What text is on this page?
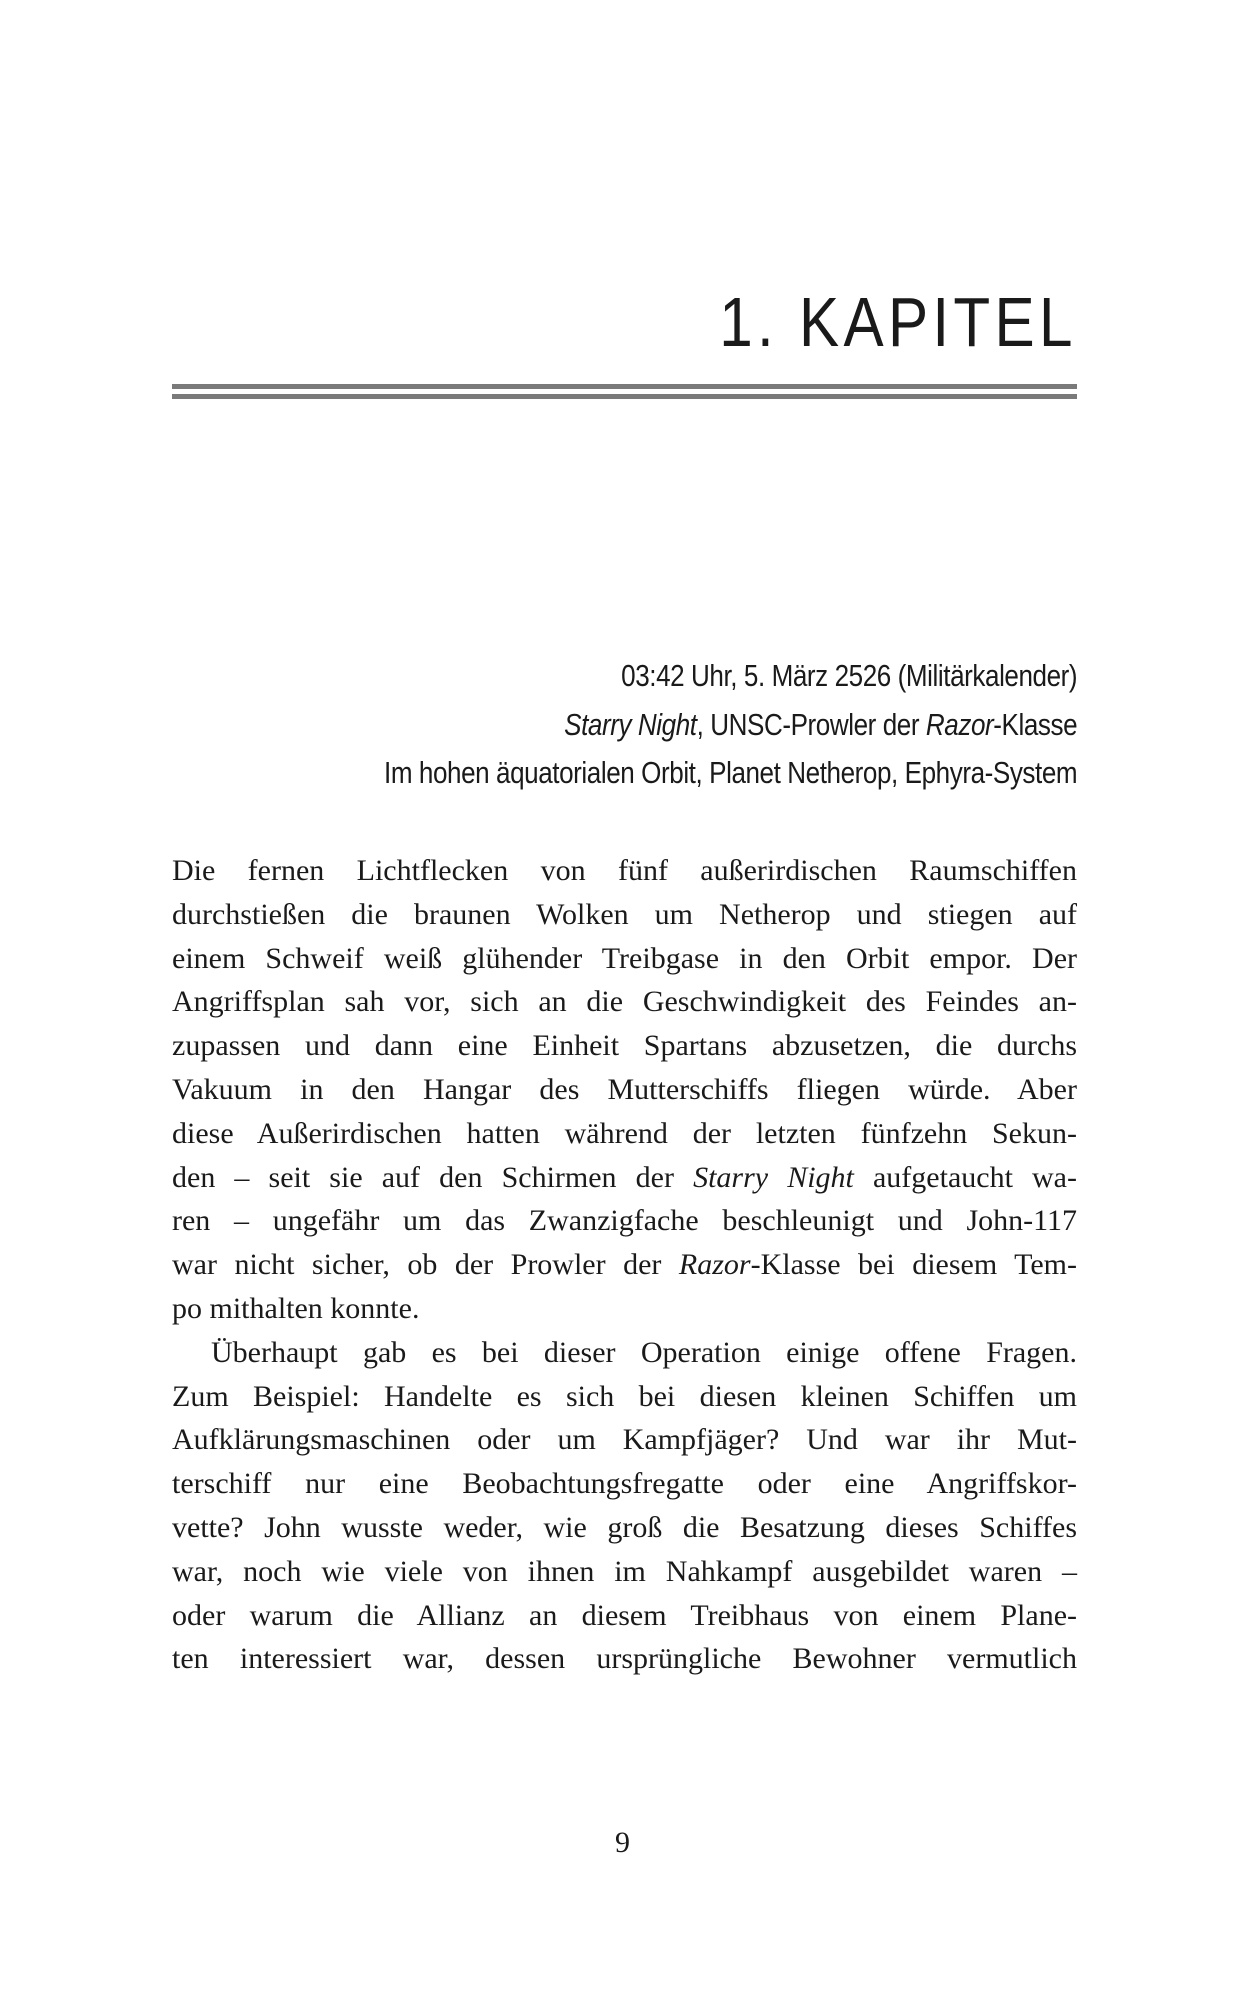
1. KAPITEL
03:42 Uhr, 5. März 2526 (Militärkalender)
Starry Night, UNSC-Prowler der Razor-Klasse
Im hohen äquatorialen Orbit, Planet Netherop, Ephyra-System
Die fernen Lichtflecken von fünf außerirdischen Raumschiffen
durchstießen die braunen Wolken um Netherop und stiegen auf
einem Schweif weiß glühender Treibgase in den Orbit empor. Der
Angriffsplan sah vor, sich an die Geschwindigkeit des Feindes an-
zupassen und dann eine Einheit Spartans abzusetzen, die durchs
Vakuum in den Hangar des Mutterschiffs fliegen würde. Aber
diese Außerirdischen hatten während der letzten fünfzehn Sekun-
den – seit sie auf den Schirmen der Starry Night aufgetaucht wa-
ren – ungefähr um das Zwanzigfache beschleunigt und John-117
war nicht sicher, ob der Prowler der Razor-Klasse bei diesem Tem-
po mithalten konnte.
Überhaupt gab es bei dieser Operation einige offene Fragen.
Zum Beispiel: Handelte es sich bei diesen kleinen Schiffen um
Aufklärungsmaschinen oder um Kampfjäger? Und war ihr Mut-
terschiff nur eine Beobachtungsfregatte oder eine Angriffskor-
vette? John wusste weder, wie groß die Besatzung dieses Schiffes
war, noch wie viele von ihnen im Nahkampf ausgebildet waren –
oder warum die Allianz an diesem Treibhaus von einem Plane-
ten interessiert war, dessen ursprüngliche Bewohner vermutlich
9
